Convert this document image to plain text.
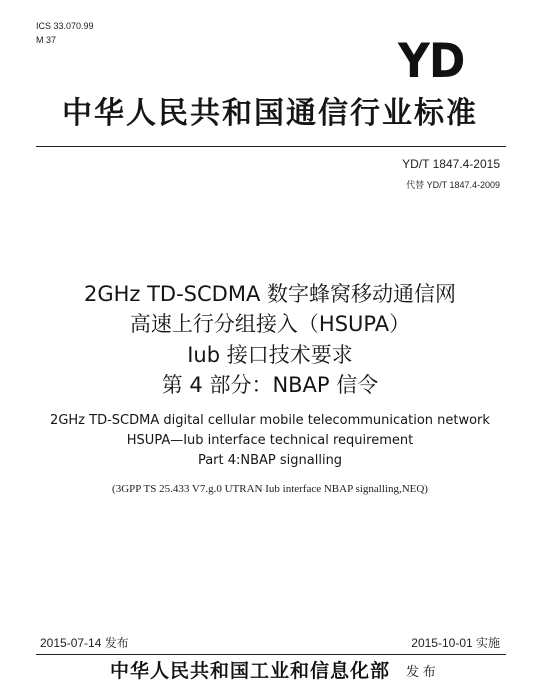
ICS 33.070.99
M 37	YD
中华人民共和国通信行业标准
YD/T 1847.4-2015
代替 YD/T 1847.4-2009
2GHz TD-SCDMA 数字蜂窝移动通信网
高速上行分组接入（HSUPA）
Iub 接口技术要求
第 4 部分：NBAP 信令
2GHz TD-SCDMA digital cellular mobile telecommunication network
HSUPA—Iub interface technical requirement
Part 4:NBAP signalling
(3GPP TS 25.433 V7.g.0 UTRAN Iub interface NBAP signalling,NEQ)
2015-07-14 发布	2015-10-01 实施
中华人民共和国工业和信息化部 发 布
